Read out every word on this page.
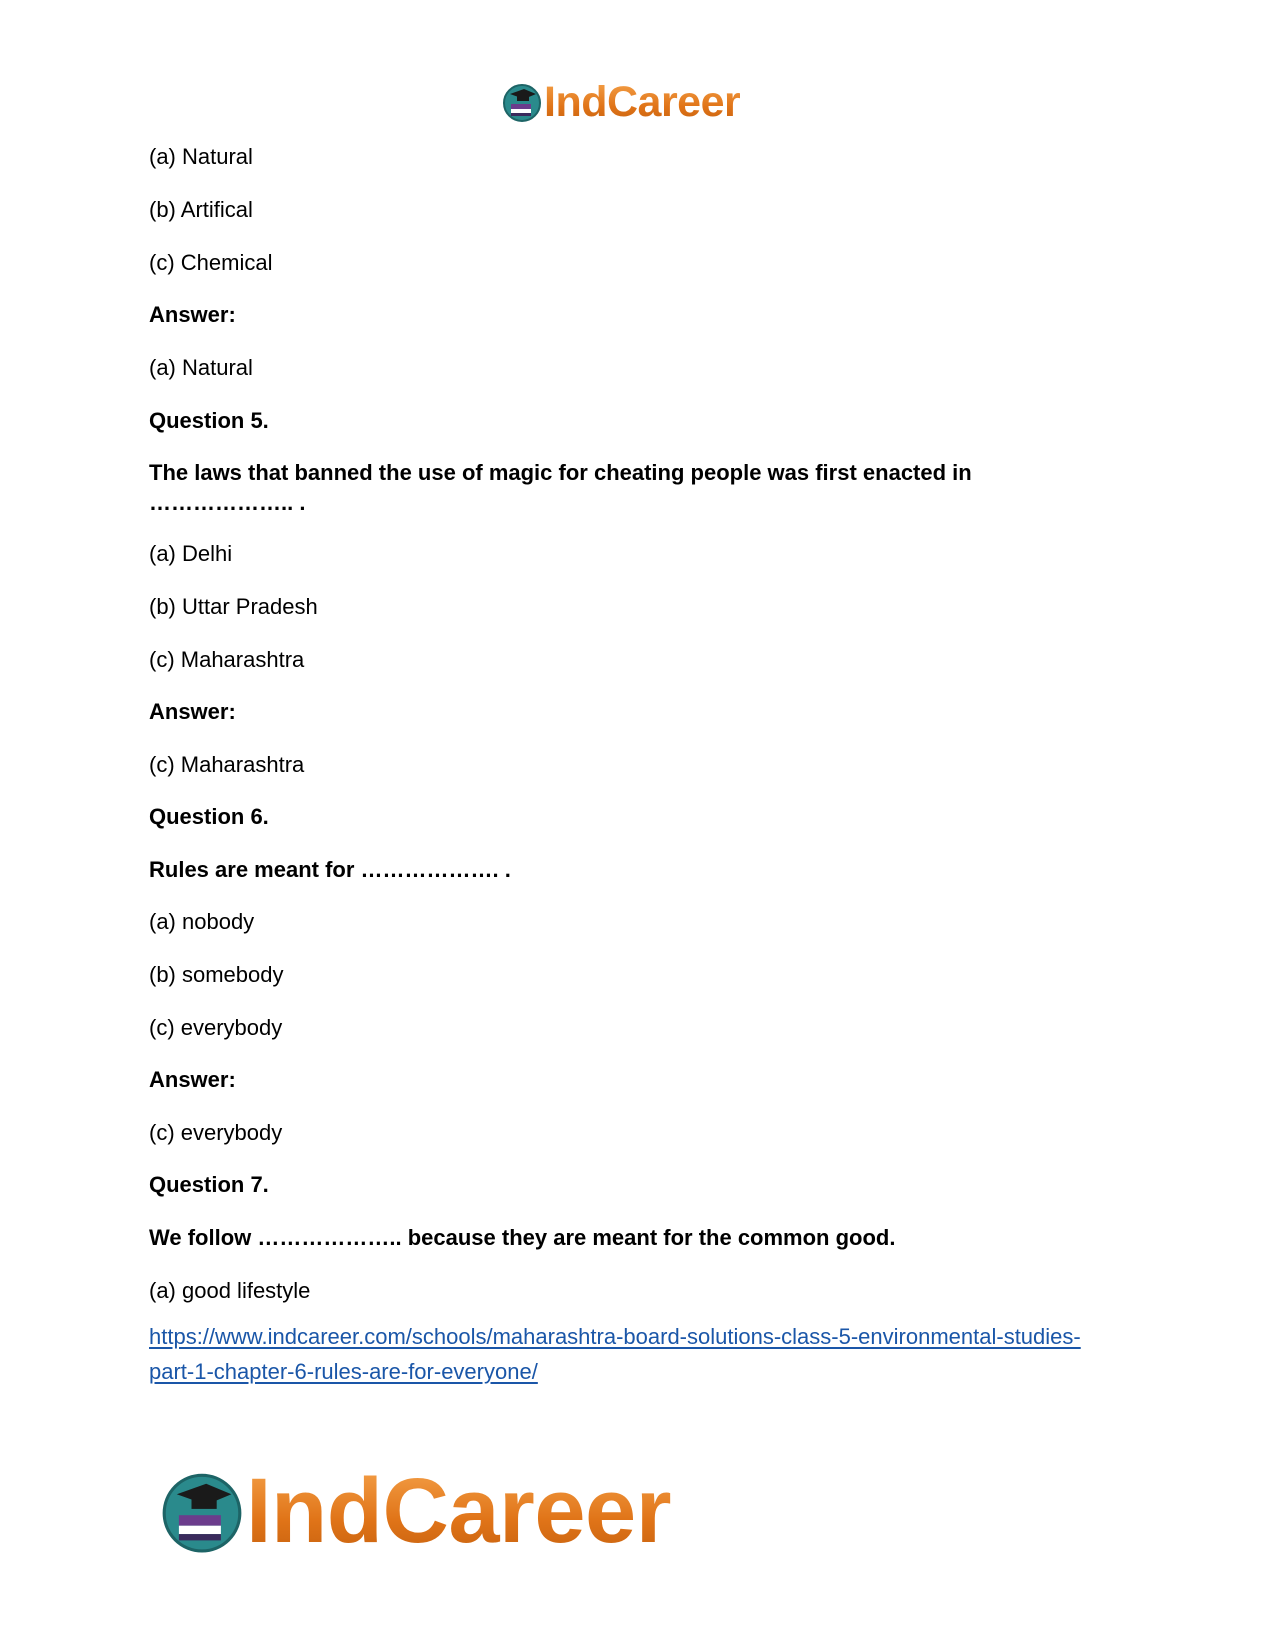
IndCareer
(a) Natural
(b) Artifical
(c) Chemical
Answer:
(a) Natural
Question 5.
The laws that banned the use of magic for cheating people was first enacted in
……………….. .
(a) Delhi
(b) Uttar Pradesh
(c) Maharashtra
Answer:
(c) Maharashtra
Question 6.
Rules are meant for ………………. .
(a) nobody
(b) somebody
(c) everybody
Answer:
(c) everybody
Question 7.
We follow ……………….. because they are meant for the common good.
(a) good lifestyle
https://www.indcareer.com/schools/maharashtra-board-solutions-class-5-environmental-studies-
part-1-chapter-6-rules-are-for-everyone/
IndCareer
